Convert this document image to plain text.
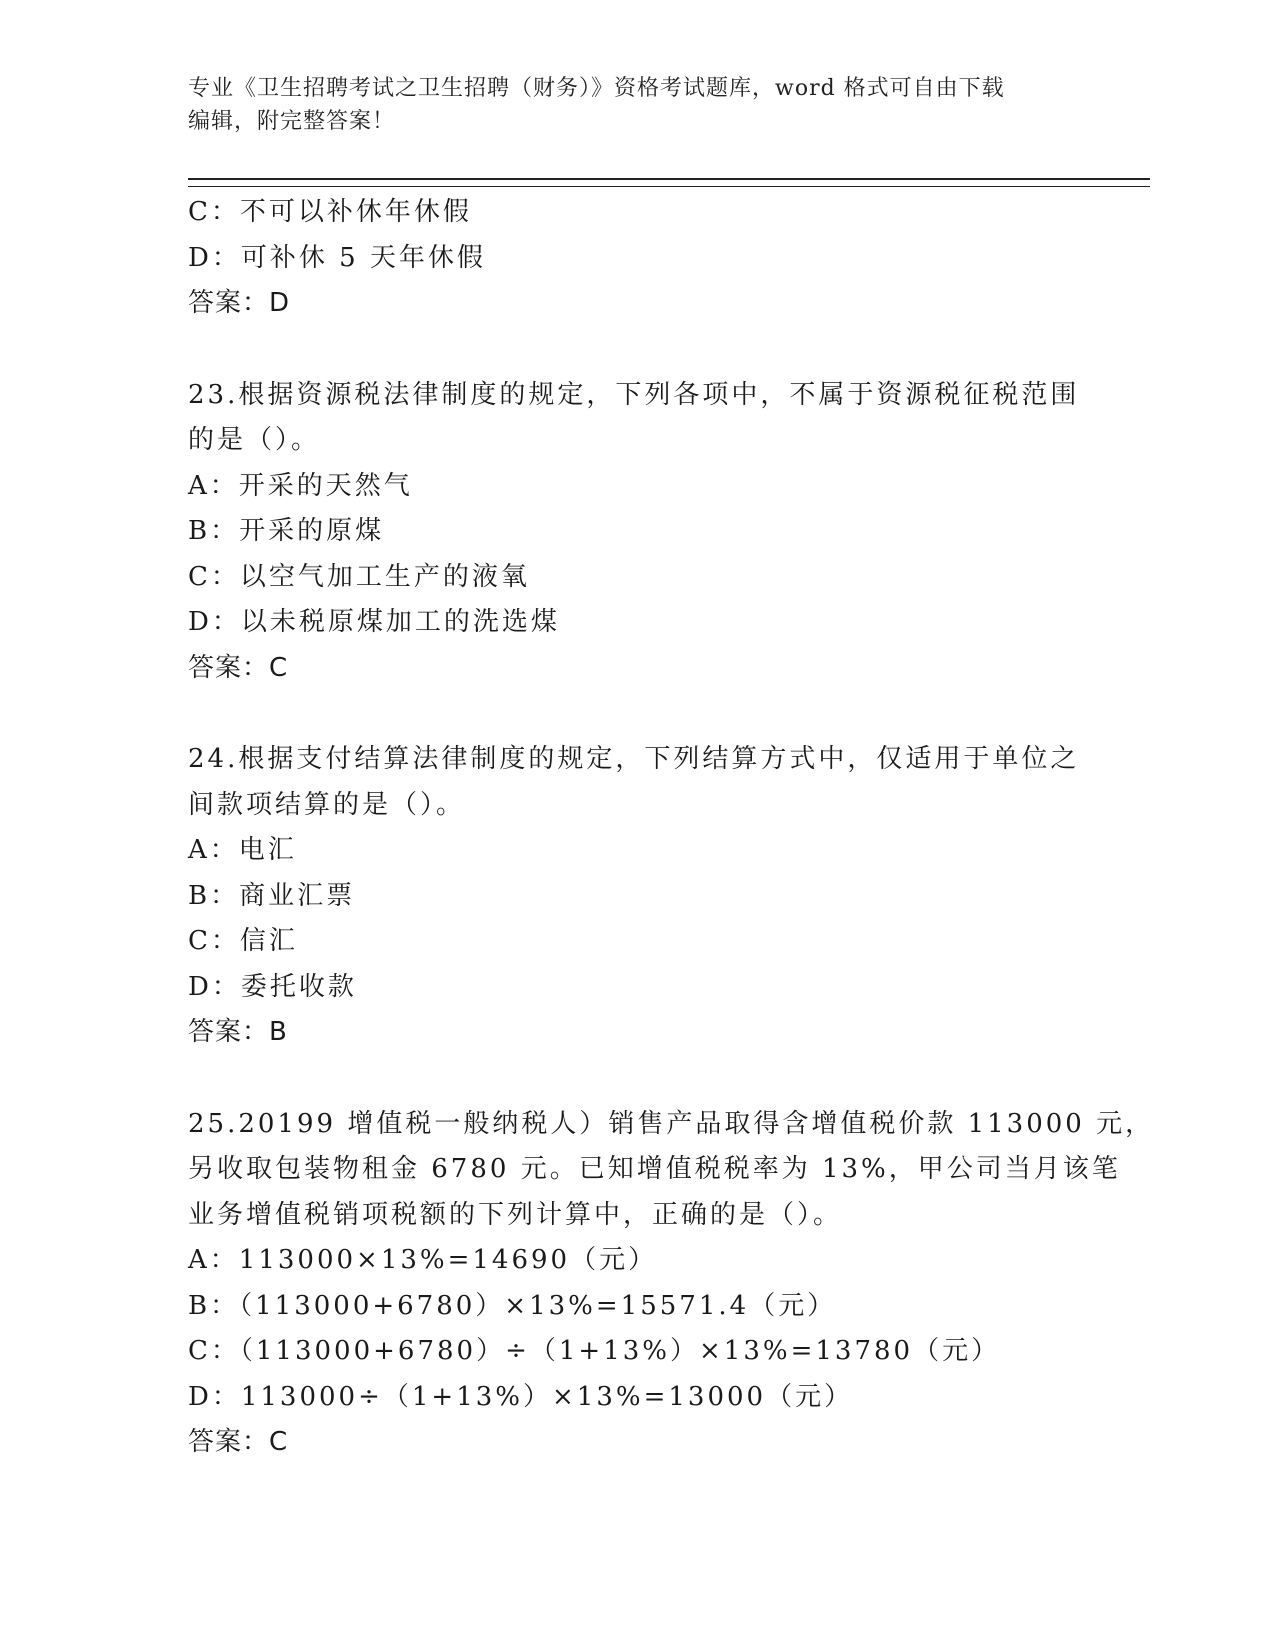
专业《卫生招聘考试之卫生招聘（财务）》资格考试题库，word 格式可自由下载
编辑，附完整答案！
C：不可以补休年休假
D：可补休 5 天年休假
答案：D
23.根据资源税法律制度的规定，下列各项中，不属于资源税征税范围
的是（）。
A：开采的天然气
B：开采的原煤
C：以空气加工生产的液氧
D：以未税原煤加工的洗选煤
答案：C
24.根据支付结算法律制度的规定，下列结算方式中，仅适用于单位之
间款项结算的是（）。
A：电汇
B：商业汇票
C：信汇
D：委托收款
答案：B
25.20199 增值税一般纳税人）销售产品取得含增值税价款 113000 元，
另收取包装物租金 6780 元。已知增值税税率为 13%，甲公司当月该笔
业务增值税销项税额的下列计算中，正确的是（）。
A：113000×13%=14690（元）
B：（113000+6780）×13%=15571.4（元）
C：（113000+6780）÷（1+13%）×13%=13780（元）
D：113000÷（1+13%）×13%=13000（元）
答案：C
